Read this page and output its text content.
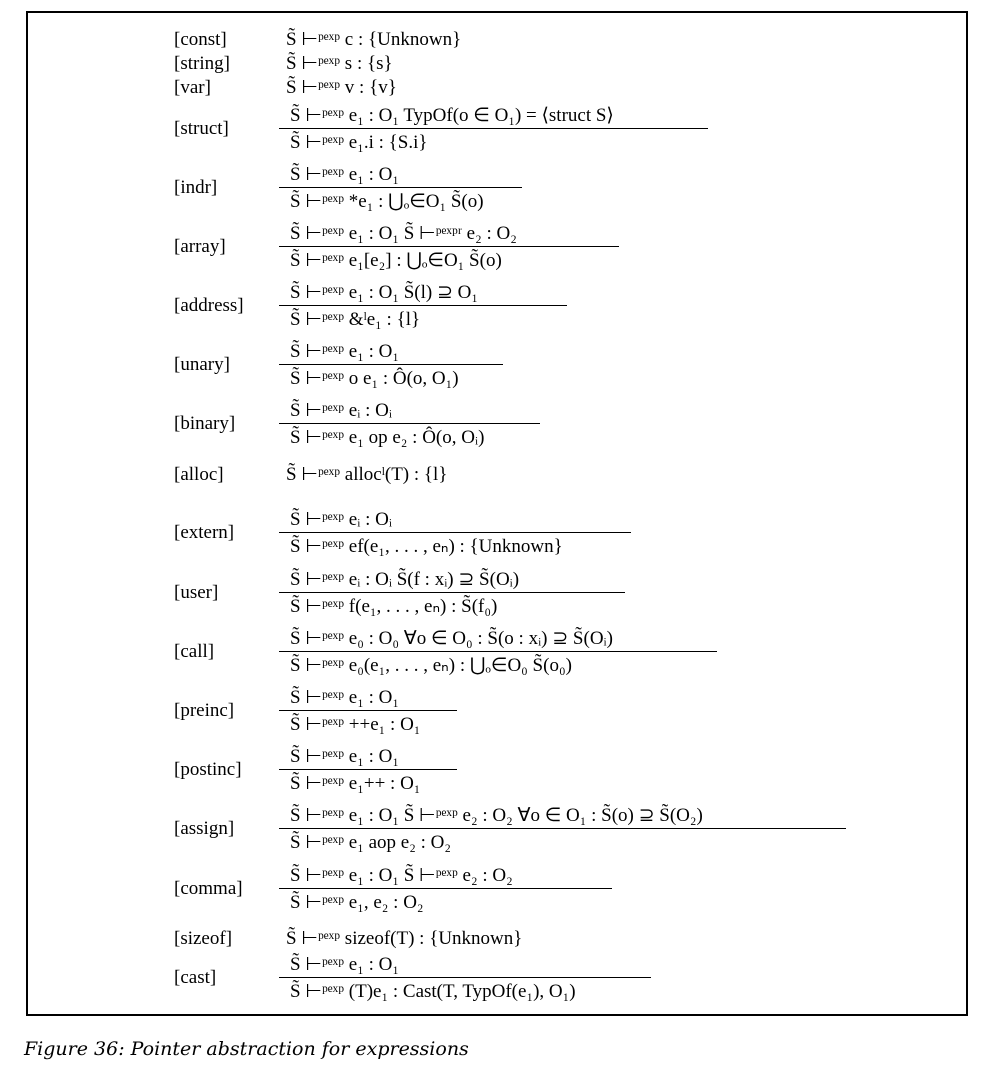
[const]	S̃ ⊢ᵖᵉˣᵖ c : {Unknown}
[string]	S̃ ⊢ᵖᵉˣᵖ s : {s}
[var]	S̃ ⊢ᵖᵉˣᵖ v : {v}
[struct]
S̃ ⊢ᵖᵉˣᵖ e₁ : O₁ TypOf(o ∈ O₁) = ⟨struct S⟩
S̃ ⊢ᵖᵉˣᵖ e₁.i : {S.i}
[indr]
S̃ ⊢ᵖᵉˣᵖ e₁ : O₁
S̃ ⊢ᵖᵉˣᵖ *e₁ : ⋃ₒ∈O₁ S̃(o)
[array]
S̃ ⊢ᵖᵉˣᵖ e₁ : O₁ S̃ ⊢ᵖᵉˣᵖʳ e₂ : O₂
S̃ ⊢ᵖᵉˣᵖ e₁[e₂] : ⋃ₒ∈O₁ S̃(o)
[address]
S̃ ⊢ᵖᵉˣᵖ e₁ : O₁ S̃(l) ⊇ O₁
S̃ ⊢ᵖᵉˣᵖ &ˡe₁ : {l}
[unary]
S̃ ⊢ᵖᵉˣᵖ e₁ : O₁
S̃ ⊢ᵖᵉˣᵖ o e₁ : Ô(o, O₁)
[binary]
S̃ ⊢ᵖᵉˣᵖ eᵢ : Oᵢ
S̃ ⊢ᵖᵉˣᵖ e₁ op e₂ : Ô(o, Oᵢ)
[alloc]	S̃ ⊢ᵖᵉˣᵖ allocˡ(T) : {l}
[extern]
S̃ ⊢ᵖᵉˣᵖ eᵢ : Oᵢ
S̃ ⊢ᵖᵉˣᵖ ef(e₁, . . . , eₙ) : {Unknown}
[user]
S̃ ⊢ᵖᵉˣᵖ eᵢ : Oᵢ S̃(f : xᵢ) ⊇ S̃(Oᵢ)
S̃ ⊢ᵖᵉˣᵖ f(e₁, . . . , eₙ) : S̃(f₀)
[call]
S̃ ⊢ᵖᵉˣᵖ e₀ : O₀ ∀o ∈ O₀ : S̃(o : xᵢ) ⊇ S̃(Oᵢ)
S̃ ⊢ᵖᵉˣᵖ e₀(e₁, . . . , eₙ) : ⋃ₒ∈O₀ S̃(o₀)
[preinc]
S̃ ⊢ᵖᵉˣᵖ e₁ : O₁
S̃ ⊢ᵖᵉˣᵖ ++e₁ : O₁
[postinc]
S̃ ⊢ᵖᵉˣᵖ e₁ : O₁
S̃ ⊢ᵖᵉˣᵖ e₁++ : O₁
[assign]
S̃ ⊢ᵖᵉˣᵖ e₁ : O₁ S̃ ⊢ᵖᵉˣᵖ e₂ : O₂ ∀o ∈ O₁ : S̃(o) ⊇ S̃(O₂)
S̃ ⊢ᵖᵉˣᵖ e₁ aop e₂ : O₂
[comma]
S̃ ⊢ᵖᵉˣᵖ e₁ : O₁ S̃ ⊢ᵖᵉˣᵖ e₂ : O₂
S̃ ⊢ᵖᵉˣᵖ e₁, e₂ : O₂
[sizeof]	S̃ ⊢ᵖᵉˣᵖ sizeof(T) : {Unknown}
[cast]
S̃ ⊢ᵖᵉˣᵖ e₁ : O₁
S̃ ⊢ᵖᵉˣᵖ (T)e₁ : Cast(T, TypOf(e₁), O₁)
Figure 36: Pointer abstraction for expressions
